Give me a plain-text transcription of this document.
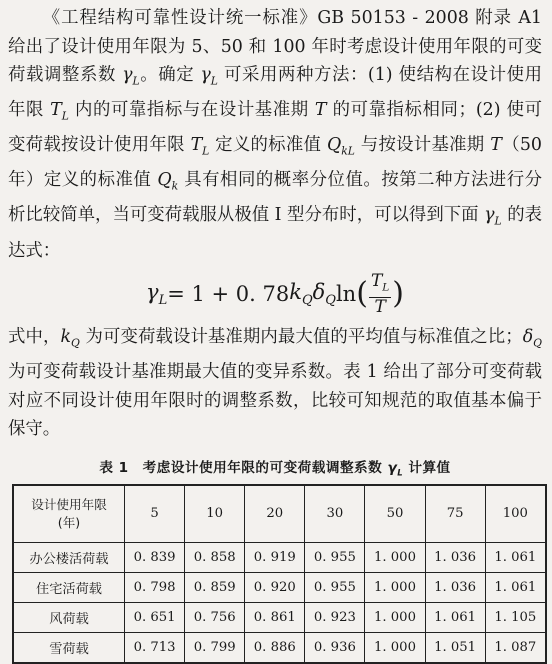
《工程结构可靠性设计统一标准》GB 50153 - 2008 附录 A1 给出了设计使用年限为 5、50 和 100 年时考虑设计使用年限的可变荷载调整系数 $\gamma_L$。确定 $\gamma_L$ 可采用两种方法：(1) 使结构在设计使用年限 $T_L$ 内的可靠指标与在设计基准期 T 的可靠指标相同；(2) 使可变荷载按设计使用年限 $T_L$ 定义的标准值 $Q_{kL}$ 与按设计基准期 T（50 年）定义的标准值 $Q_k$ 具有相同的概率分位值。按第二种方法进行分析比较简单，当可变荷载服从极值 I 型分布时，可以得到下面 $\gamma_L$ 的表达式：

$\gamma_L = 1 + 0$. 78 $k_Q$ $\delta_Q$ ln ( $\frac{T_L}{T}$ )

式中，$k_Q$ 为可变荷载设计基准期内最大值的平均值与标准值之比；$\delta_Q$ 为可变荷载设计基准期最大值的变异系数。表 1 给出了部分可变荷载对应不同设计使用年限时的调整系数，比较可知规范的取值基本偏于保守。

表 1 考虑设计使用年限的可变荷载调整系数 $\gamma_L$ 计算值
设计使用年限
(年)	5	10	20	30	50	75	100
办公楼活荷载	0. 839	0. 858	0. 919	0. 955	1. 000	1. 036	1. 061
住宅活荷载	0. 798	0. 859	0. 920	0. 955	1. 000	1. 036	1. 061
风荷载	0. 651	0. 756	0. 861	0. 923	1. 000	1. 061	1. 105
雪荷载	0. 713	0. 799	0. 886	0. 936	1. 000	1. 051	1. 087
